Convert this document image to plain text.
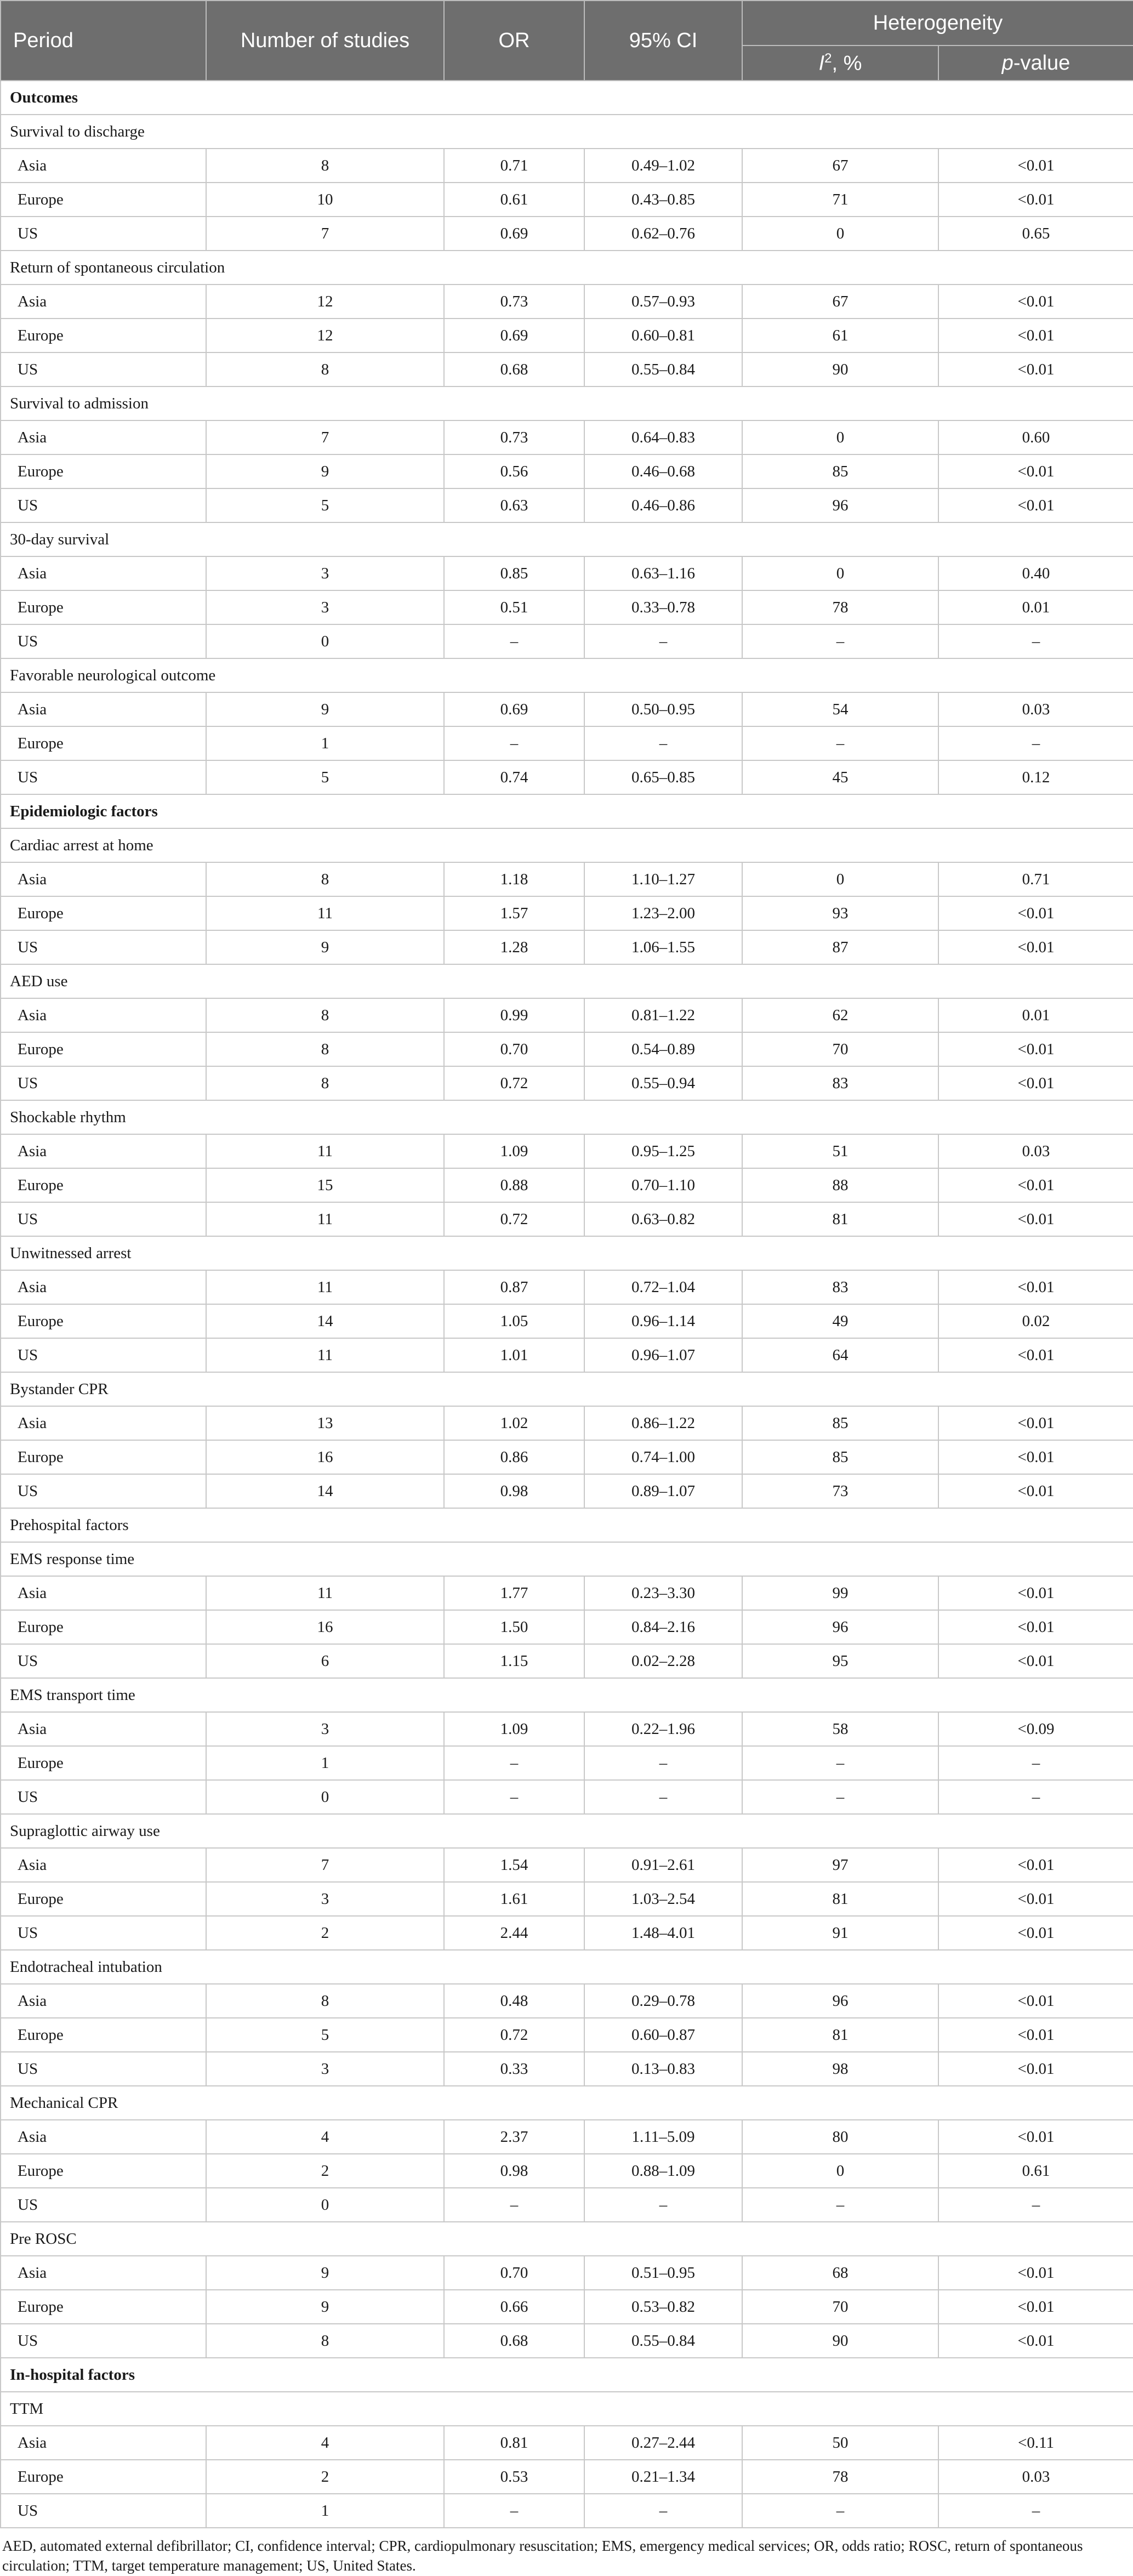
Period	Number of studies	OR	95% CI	Heterogeneity	
				$I^2$, %	p-value
Outcomes					
Survival to discharge					
Asia	8	0.71	0.49–1.02	67	<0.01
Europe	10	0.61	0.43–0.85	71	<0.01
US	7	0.69	0.62–0.76	0	0.65
Return of spontaneous circulation					
Asia	12	0.73	0.57–0.93	67	<0.01
Europe	12	0.69	0.60–0.81	61	<0.01
US	8	0.68	0.55–0.84	90	<0.01
Survival to admission					
Asia	7	0.73	0.64–0.83	0	0.60
Europe	9	0.56	0.46–0.68	85	<0.01
US	5	0.63	0.46–0.86	96	<0.01
30-day survival					
Asia	3	0.85	0.63–1.16	0	0.40
Europe	3	0.51	0.33–0.78	78	0.01
US	0	–	–	–	–
Favorable neurological outcome					
Asia	9	0.69	0.50–0.95	54	0.03
Europe	1	–	–	–	–
US	5	0.74	0.65–0.85	45	0.12
Epidemiologic factors					
Cardiac arrest at home					
Asia	8	1.18	1.10–1.27	0	0.71
Europe	11	1.57	1.23–2.00	93	<0.01
US	9	1.28	1.06–1.55	87	<0.01
AED use					
Asia	8	0.99	0.81–1.22	62	0.01
Europe	8	0.70	0.54–0.89	70	<0.01
US	8	0.72	0.55–0.94	83	<0.01
Shockable rhythm					
Asia	11	1.09	0.95–1.25	51	0.03
Europe	15	0.88	0.70–1.10	88	<0.01
US	11	0.72	0.63–0.82	81	<0.01
Unwitnessed arrest					
Asia	11	0.87	0.72–1.04	83	<0.01
Europe	14	1.05	0.96–1.14	49	0.02
US	11	1.01	0.96–1.07	64	<0.01
Bystander CPR					
Asia	13	1.02	0.86–1.22	85	<0.01
Europe	16	0.86	0.74–1.00	85	<0.01
US	14	0.98	0.89–1.07	73	<0.01
Prehospital factors					
EMS response time					
Asia	11	1.77	0.23–3.30	99	<0.01
Europe	16	1.50	0.84–2.16	96	<0.01
US	6	1.15	0.02–2.28	95	<0.01
EMS transport time					
Asia	3	1.09	0.22–1.96	58	<0.09
Europe	1	–	–	–	–
US	0	–	–	–	–
Supraglottic airway use					
Asia	7	1.54	0.91–2.61	97	<0.01
Europe	3	1.61	1.03–2.54	81	<0.01
US	2	2.44	1.48–4.01	91	<0.01
Endotracheal intubation					
Asia	8	0.48	0.29–0.78	96	<0.01
Europe	5	0.72	0.60–0.87	81	<0.01
US	3	0.33	0.13–0.83	98	<0.01
Mechanical CPR					
Asia	4	2.37	1.11–5.09	80	<0.01
Europe	2	0.98	0.88–1.09	0	0.61
US	0	–	–	–	–
Pre ROSC					
Asia	9	0.70	0.51–0.95	68	<0.01
Europe	9	0.66	0.53–0.82	70	<0.01
US	8	0.68	0.55–0.84	90	<0.01
In-hospital factors					
TTM					
Asia	4	0.81	0.27–2.44	50	<0.11
Europe	2	0.53	0.21–1.34	78	0.03
US	1	–	–	–	–
AED, automated external defibrillator; CI, confidence interval; CPR, cardiopulmonary resuscitation; EMS, emergency medical services; OR, odds ratio; ROSC, return of spontaneous circulation; TTM, target temperature management; US, United States.
